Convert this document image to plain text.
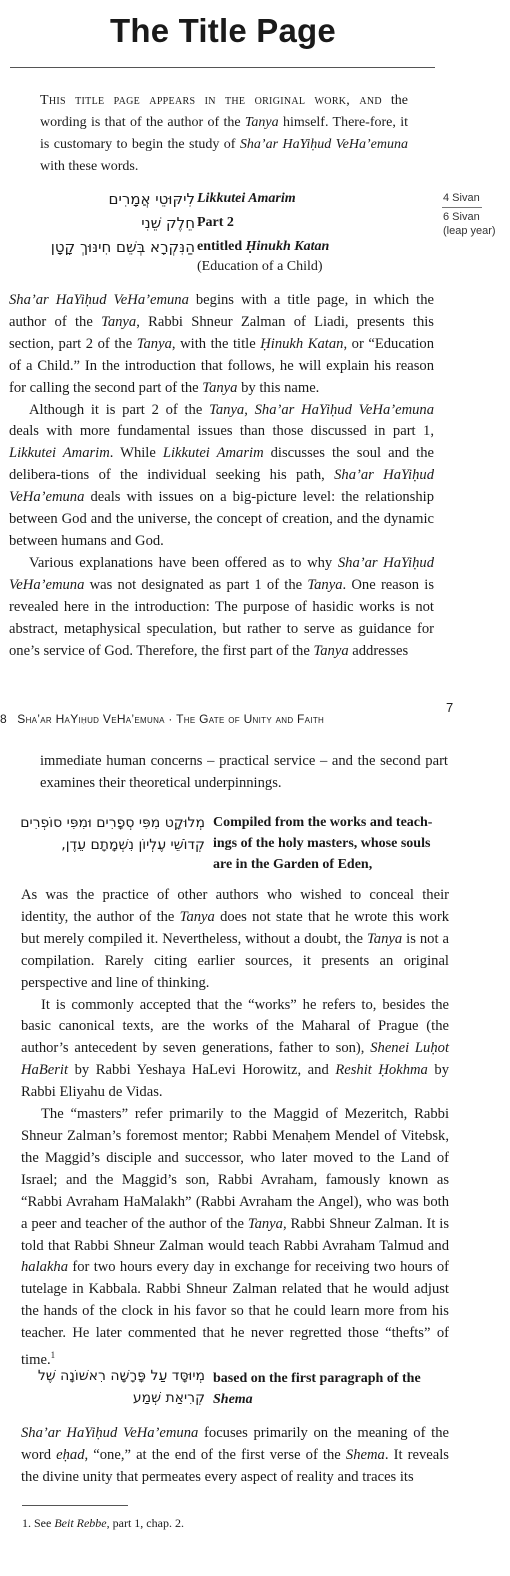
The Title Page
This title page appears in the original work, and the wording is that of the author of the Tanya himself. There-fore, it is customary to begin the study of Sha’ar HaYiḥud VeHa’emuna with these words.
לִיקּוּטֵי אֲמָרִים Likkutei Amarim
חֵלֶק שֵׁנִי Part 2
הַנִּקְרָא בְּשֵׁם חִינּוּךְ קָטָן entitled Ḥinukh Katan
(Education of a Child)
4 Sivan
6 Sivan
(leap year)

Sha’ar HaYiḥud VeHa’emuna begins with a title page, in which the author of the Tanya, Rabbi Shneur Zalman of Liadi, presents this section, part 2 of the Tanya, with the title Ḥinukh Katan, or “Education of a Child.” In the introduction that follows, he will explain his reason for calling the second part of the Tanya by this name.

Although it is part 2 of the Tanya, Sha’ar HaYiḥud VeHa’emuna deals with more fundamental issues than those discussed in part 1, Likkutei Amarim. While Likkutei Amarim discusses the soul and the delibera-tions of the individual seeking his path, Sha’ar HaYiḥud VeHa’emuna deals with issues on a big-picture level: the relationship between God and the universe, the concept of creation, and the dynamic between humans and God.

Various explanations have been offered as to why Sha’ar HaYiḥud VeHa’emuna was not designated as part 1 of the Tanya. One reason is revealed here in the introduction: The purpose of hasidic works is not abstract, metaphysical speculation, but rather to serve as guidance for one’s service of God. Therefore, the first part of the Tanya addresses

7
8 Sha’ar HaYiḥud VeHa’emuna · The Gate of Unity and Faith

immediate human concerns – practical service – and the second part examines their theoretical underpinnings.

מְלוּקָט מִפִּי סְפָרִים וּמִפִּי סוֹפְרִים
קְדוֹשֵׁי עֶלְיוֹן נִשְׁמָתָם עֵדֶן,
Compiled from the works and teach-ings of the holy masters, whose souls are in the Garden of Eden,

As was the practice of other authors who wished to conceal their identity, the author of the Tanya does not state that he wrote this work but merely compiled it. Nevertheless, without a doubt, the Tanya is not a compilation. Rarely citing earlier sources, it presents an original perspective and line of thinking.

It is commonly accepted that the “works” he refers to, besides the basic canonical texts, are the works of the Maharal of Prague (the author’s antecedent by seven generations, father to son), Shenei Luḥot HaBerit by Rabbi Yeshaya HaLevi Horowitz, and Reshit Ḥokhma by Rabbi Eliyahu de Vidas.

The “masters” refer primarily to the Maggid of Mezeritch, Rabbi Shneur Zalman’s foremost mentor; Rabbi Menaḥem Mendel of Vitebsk, the Maggid’s disciple and successor, who later moved to the Land of Israel; and the Maggid’s son, Rabbi Avraham, famously known as “Rabbi Avraham HaMalakh” (Rabbi Avraham the Angel), who was both a peer and teacher of the author of the Tanya, Rabbi Shneur Zalman. It is told that Rabbi Shneur Zalman would teach Rabbi Avraham Talmud and halakha for two hours every day in exchange for receiving two hours of tutelage in Kabbala. Rabbi Shneur Zalman related that he would adjust the hands of the clock in his favor so that he could learn more from his teacher. He later commented that he never regretted those “thefts” of time.$^1$

מְיוּסָּד עַל פָּרָשָׁה רִאשׁוֹנָה שֶׁל
קְרִיאַת שְׁמַע
based on the first paragraph of the Shema

Sha’ar HaYiḥud VeHa’emuna focuses primarily on the meaning of the word eḥad, “one,” at the end of the first verse of the Shema. It reveals the divine unity that permeates every aspect of reality and traces its

1. See Beit Rebbe, part 1, chap. 2.
